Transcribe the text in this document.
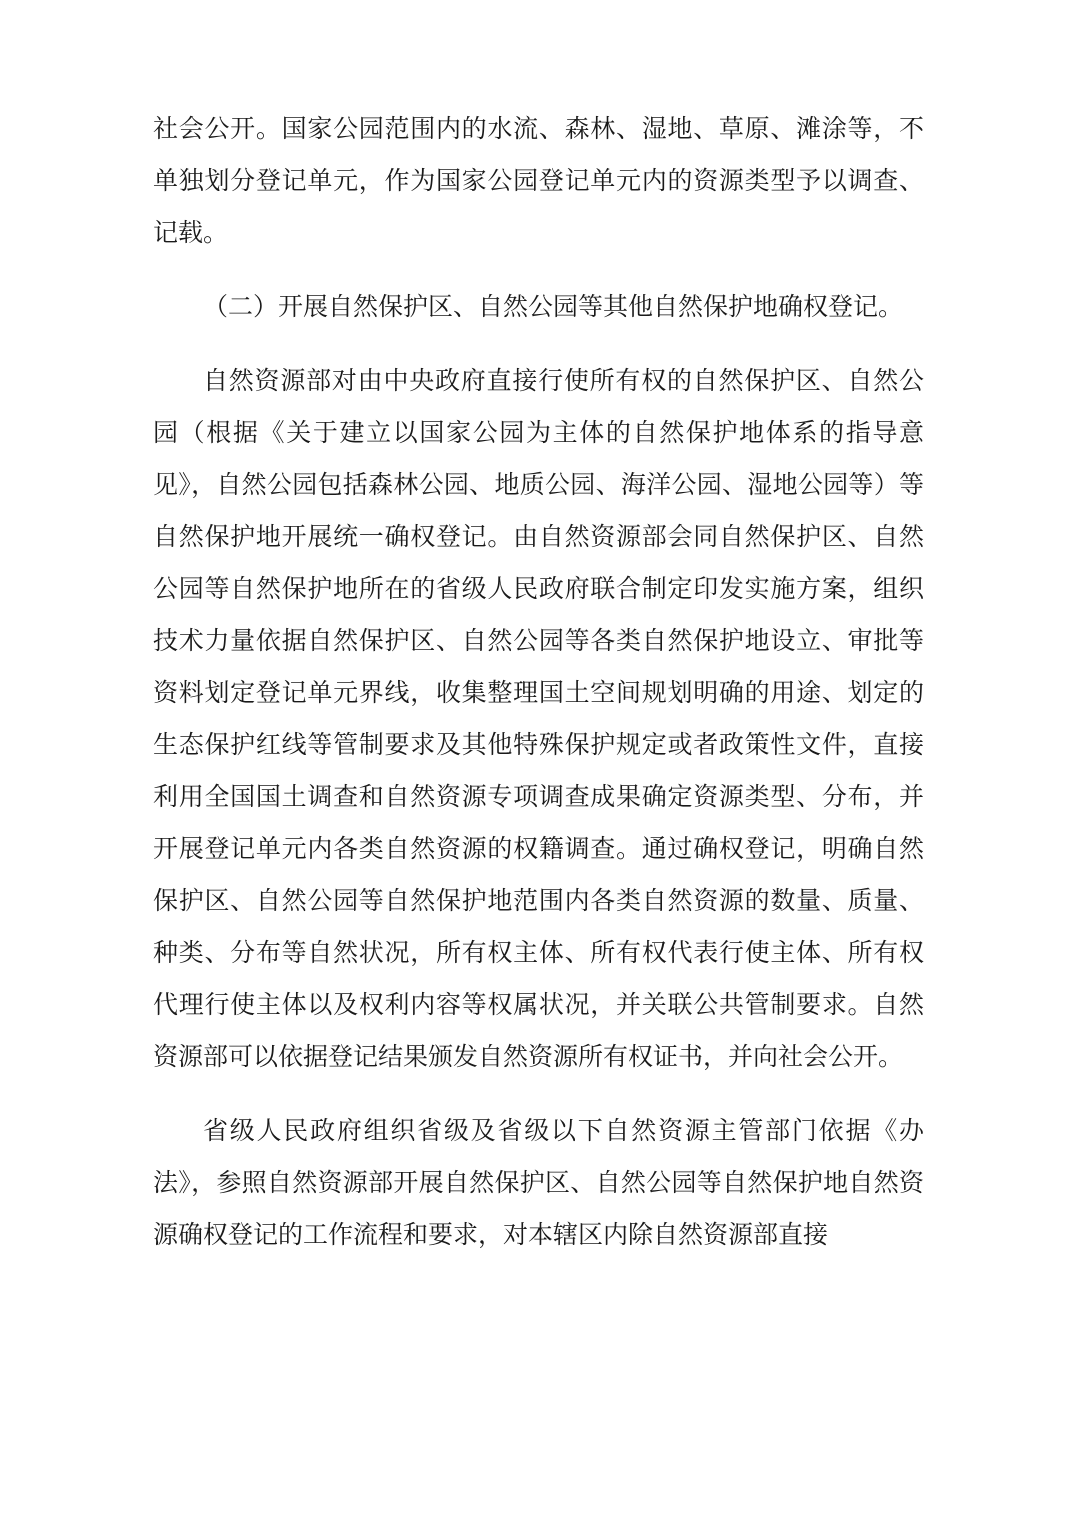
社会公开。国家公园范围内的水流、森林、湿地、草原、滩涂等，不单独划分登记单元，作为国家公园登记单元内的资源类型予以调查、记载。

（二）开展自然保护区、自然公园等其他自然保护地确权登记。

自然资源部对由中央政府直接行使所有权的自然保护区、自然公园（根据《关于建立以国家公园为主体的自然保护地体系的指导意见》，自然公园包括森林公园、地质公园、海洋公园、湿地公园等）等自然保护地开展统一确权登记。由自然资源部会同自然保护区、自然公园等自然保护地所在的省级人民政府联合制定印发实施方案，组织技术力量依据自然保护区、自然公园等各类自然保护地设立、审批等资料划定登记单元界线，收集整理国土空间规划明确的用途、划定的生态保护红线等管制要求及其他特殊保护规定或者政策性文件，直接利用全国国土调查和自然资源专项调查成果确定资源类型、分布，并开展登记单元内各类自然资源的权籍调查。通过确权登记，明确自然保护区、自然公园等自然保护地范围内各类自然资源的数量、质量、种类、分布等自然状况，所有权主体、所有权代表行使主体、所有权代理行使主体以及权利内容等权属状况，并关联公共管制要求。自然资源部可以依据登记结果颁发自然资源所有权证书，并向社会公开。

省级人民政府组织省级及省级以下自然资源主管部门依据《办法》，参照自然资源部开展自然保护区、自然公园等自然保护地自然资源确权登记的工作流程和要求，对本辖区内除自然资源部直接
